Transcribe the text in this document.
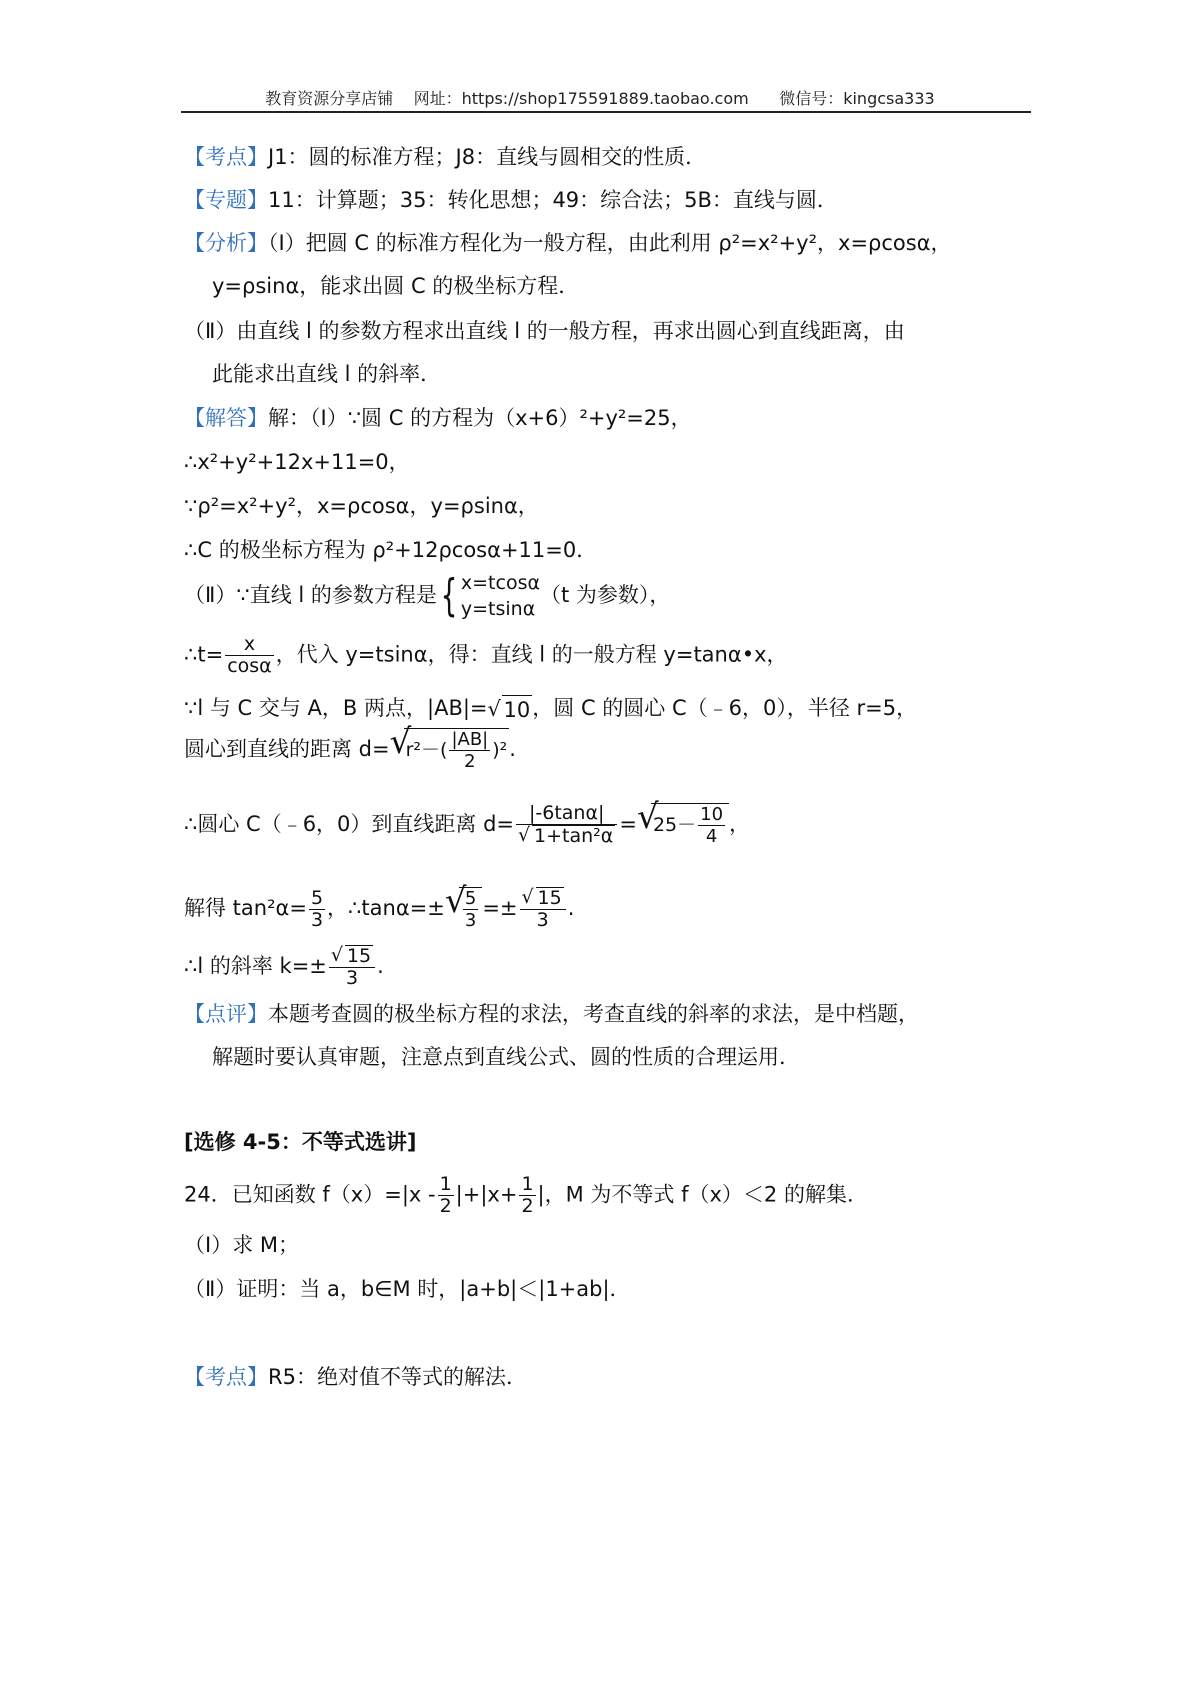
教育资源分享店铺    网址：https://shop175591889.taobao.com      微信号：kingcsa333
【考点】J1：圆的标准方程；J8：直线与圆相交的性质．
【专题】11：计算题；35：转化思想；49：综合法；5B：直线与圆．
【分析】（Ⅰ）把圆 C 的标准方程化为一般方程，由此利用 ρ²=x²+y²，x=ρcosα，
y=ρsinα，能求出圆 C 的极坐标方程．
（Ⅱ）由直线 l 的参数方程求出直线 l 的一般方程，再求出圆心到直线距离，由
此能求出直线 l 的斜率．
【解答】解：（Ⅰ）∵圆 C 的方程为（x+6）²+y²=25，
∴x²+y²+12x+11=0，
∵ρ²=x²+y²，x=ρcosα，y=ρsinα，
∴C 的极坐标方程为 ρ²+12ρcosα+11=0．
（Ⅱ）∵直线 l 的参数方程是{ x=tcosα
y=tsinα
（t 为参数），
∴t= $\frac{x}{\cos\alpha}$ ，代入 y=tsinα，得：直线 l 的一般方程 y=tanα•x，
∵l 与 C 交与 A，B 两点，|AB|= √ 10，圆 C 的圆心 C（﹣6，0），半径 r=5，
圆心到直线的距离 d= √
$r^2-( \frac{|AB|}{2} )^2$.
∴圆心 C（﹣6，0）到直线距离 $d= \frac{|-6\tan\alpha|}{\text{√ 1+tan²α}}$ = √
$25- \frac{10}{4}$ ，
解得 $\tan^2\alpha= \frac{5}{3}$ ，∴tanα=± √
$\frac{5}{3} =\pm \frac{√ 15}{3}$ .
∴l 的斜率 $k=\pm \frac{√ 15}{3}$ .
【点评】本题考查圆的极坐标方程的求法，考查直线的斜率的求法，是中档题，
解题时要认真审题，注意点到直线公式、圆的性质的合理运用．
[选修 4-5：不等式选讲]
24．已知函数 $f(x)=|x - \frac{1}{2} |+|x+ \frac{1}{2}$ |，M 为不等式 f（x）＜2 的解集．
（Ⅰ）求 M；
（Ⅱ）证明：当 a，b∈M 时，|a+b|＜|1+ab|．
【考点】R5：绝对值不等式的解法．
